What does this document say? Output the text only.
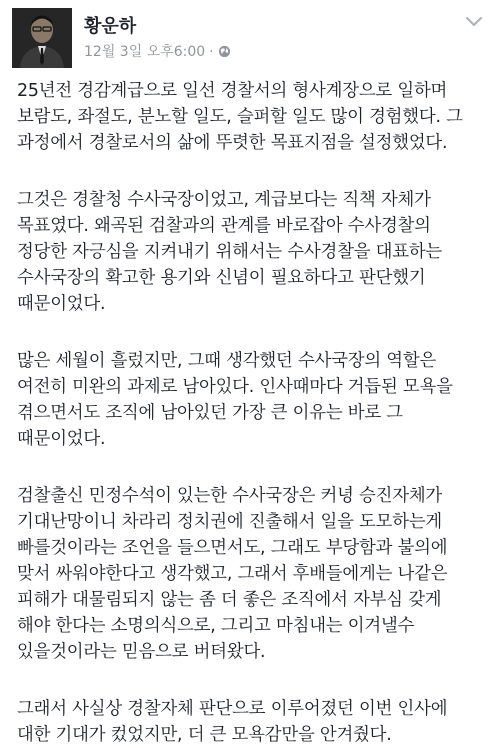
황운하
12월 3일 오후6:00 ·
25년전 경감계급으로 일선 경찰서의 형사계장으로 일하며
보람도, 좌절도, 분노할 일도, 슬퍼할 일도 많이 경험했다. 그
과정에서 경찰로서의 삶에 뚜렷한 목표지점을 설정했었다.
그것은 경찰청 수사국장이었고, 계급보다는 직책 자체가
목표였다. 왜곡된 검찰과의 관계를 바로잡아 수사경찰의
정당한 자긍심을 지켜내기 위해서는 수사경찰을 대표하는
수사국장의 확고한 용기와 신념이 필요하다고 판단했기
때문이었다.
많은 세월이 흘렀지만, 그때 생각했던 수사국장의 역할은
여전히 미완의 과제로 남아있다. 인사때마다 거듭된 모욕을
겪으면서도 조직에 남아있던 가장 큰 이유는 바로 그
때문이었다.
검찰출신 민정수석이 있는한 수사국장은 커녕 승진자체가
기대난망이니 차라리 정치권에 진출해서 일을 도모하는게
빠를것이라는 조언을 들으면서도, 그래도 부당함과 불의에
맞서 싸워야한다고 생각했고, 그래서 후배들에게는 나같은
피해가 대물림되지 않는 좀 더 좋은 조직에서 자부심 갖게
해야 한다는 소명의식으로, 그리고 마침내는 이겨낼수
있을것이라는 믿음으로 버텨왔다.
그래서 사실상 경찰자체 판단으로 이루어졌던 이번 인사에
대한 기대가 컸었지만, 더 큰 모욕감만을 안겨줬다.
